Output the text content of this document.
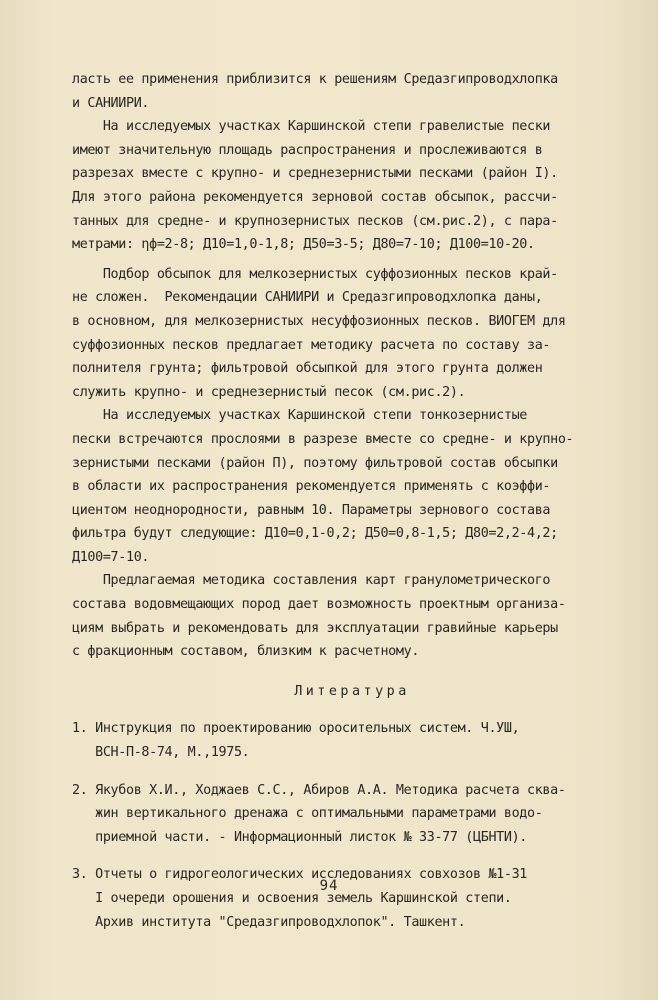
ласть ее применения приблизится к решениям Средазгипроводхлопка
и САНИИРИ.
На исследуемых участках Каршинской степи гравелистые пески
имеют значительную площадь распространения и прослеживаются в
разрезах вместе с крупно- и среднезернистыми песками (район I).
Для этого района рекомендуется зерновой состав обсыпок, рассчи-
танных для средне- и крупнозернистых песков (см.рис.2), с пара-
метрами: ηф=2-8; Д10=1,0-1,8; Д50=3-5; Д80=7-10; Д100=10-20.
Подбор обсыпок для мелкозернистых суффозионных песков край-
не сложен.  Рекомендации САНИИРИ и Средазгипроводхлопка даны,
в основном, для мелкозернистых несуффозионных песков. ВИОГЕМ для
суффозионных песков предлагает методику расчета по составу за-
полнителя грунта; фильтровой обсыпкой для этого грунта должен
служить крупно- и среднезернистый песок (см.рис.2).
На исследуемых участках Каршинской степи тонкозернистые
пески встречаются прослоями в разрезе вместе со средне- и крупно-
зернистыми песками (район П), поэтому фильтровой состав обсыпки
в области их распространения рекомендуется применять с коэффи-
циентом неоднородности, равным 10. Параметры зернового состава
фильтра будут следующие: Д10=0,1-0,2; Д50=0,8-1,5; Д80=2,2-4,2;
Д100=7-10.
Предлагаемая методика составления карт гранулометрического
состава водовмещающих пород дает возможность проектным организа-
циям выбрать и рекомендовать для эксплуатации гравийные карьеры
с фракционным составом, близким к расчетному.
Литература
1. Инструкция по проектированию оросительных систем. Ч.УШ,
ВСН-П-8-74, М.,1975.
2. Якубов Х.И., Ходжаев С.С., Абиров А.А. Методика расчета сква-
жин вертикального дренажа с оптимальными параметрами водо-
приемной части. - Информационный листок № 33-77 (ЦБНТИ).
3. Отчеты о гидрогеологических исследованиях совхозов №1-31
I очереди орошения и освоения земель Каршинской степи.
Архив института "Средазгипроводхлопок". Ташкент.
94
